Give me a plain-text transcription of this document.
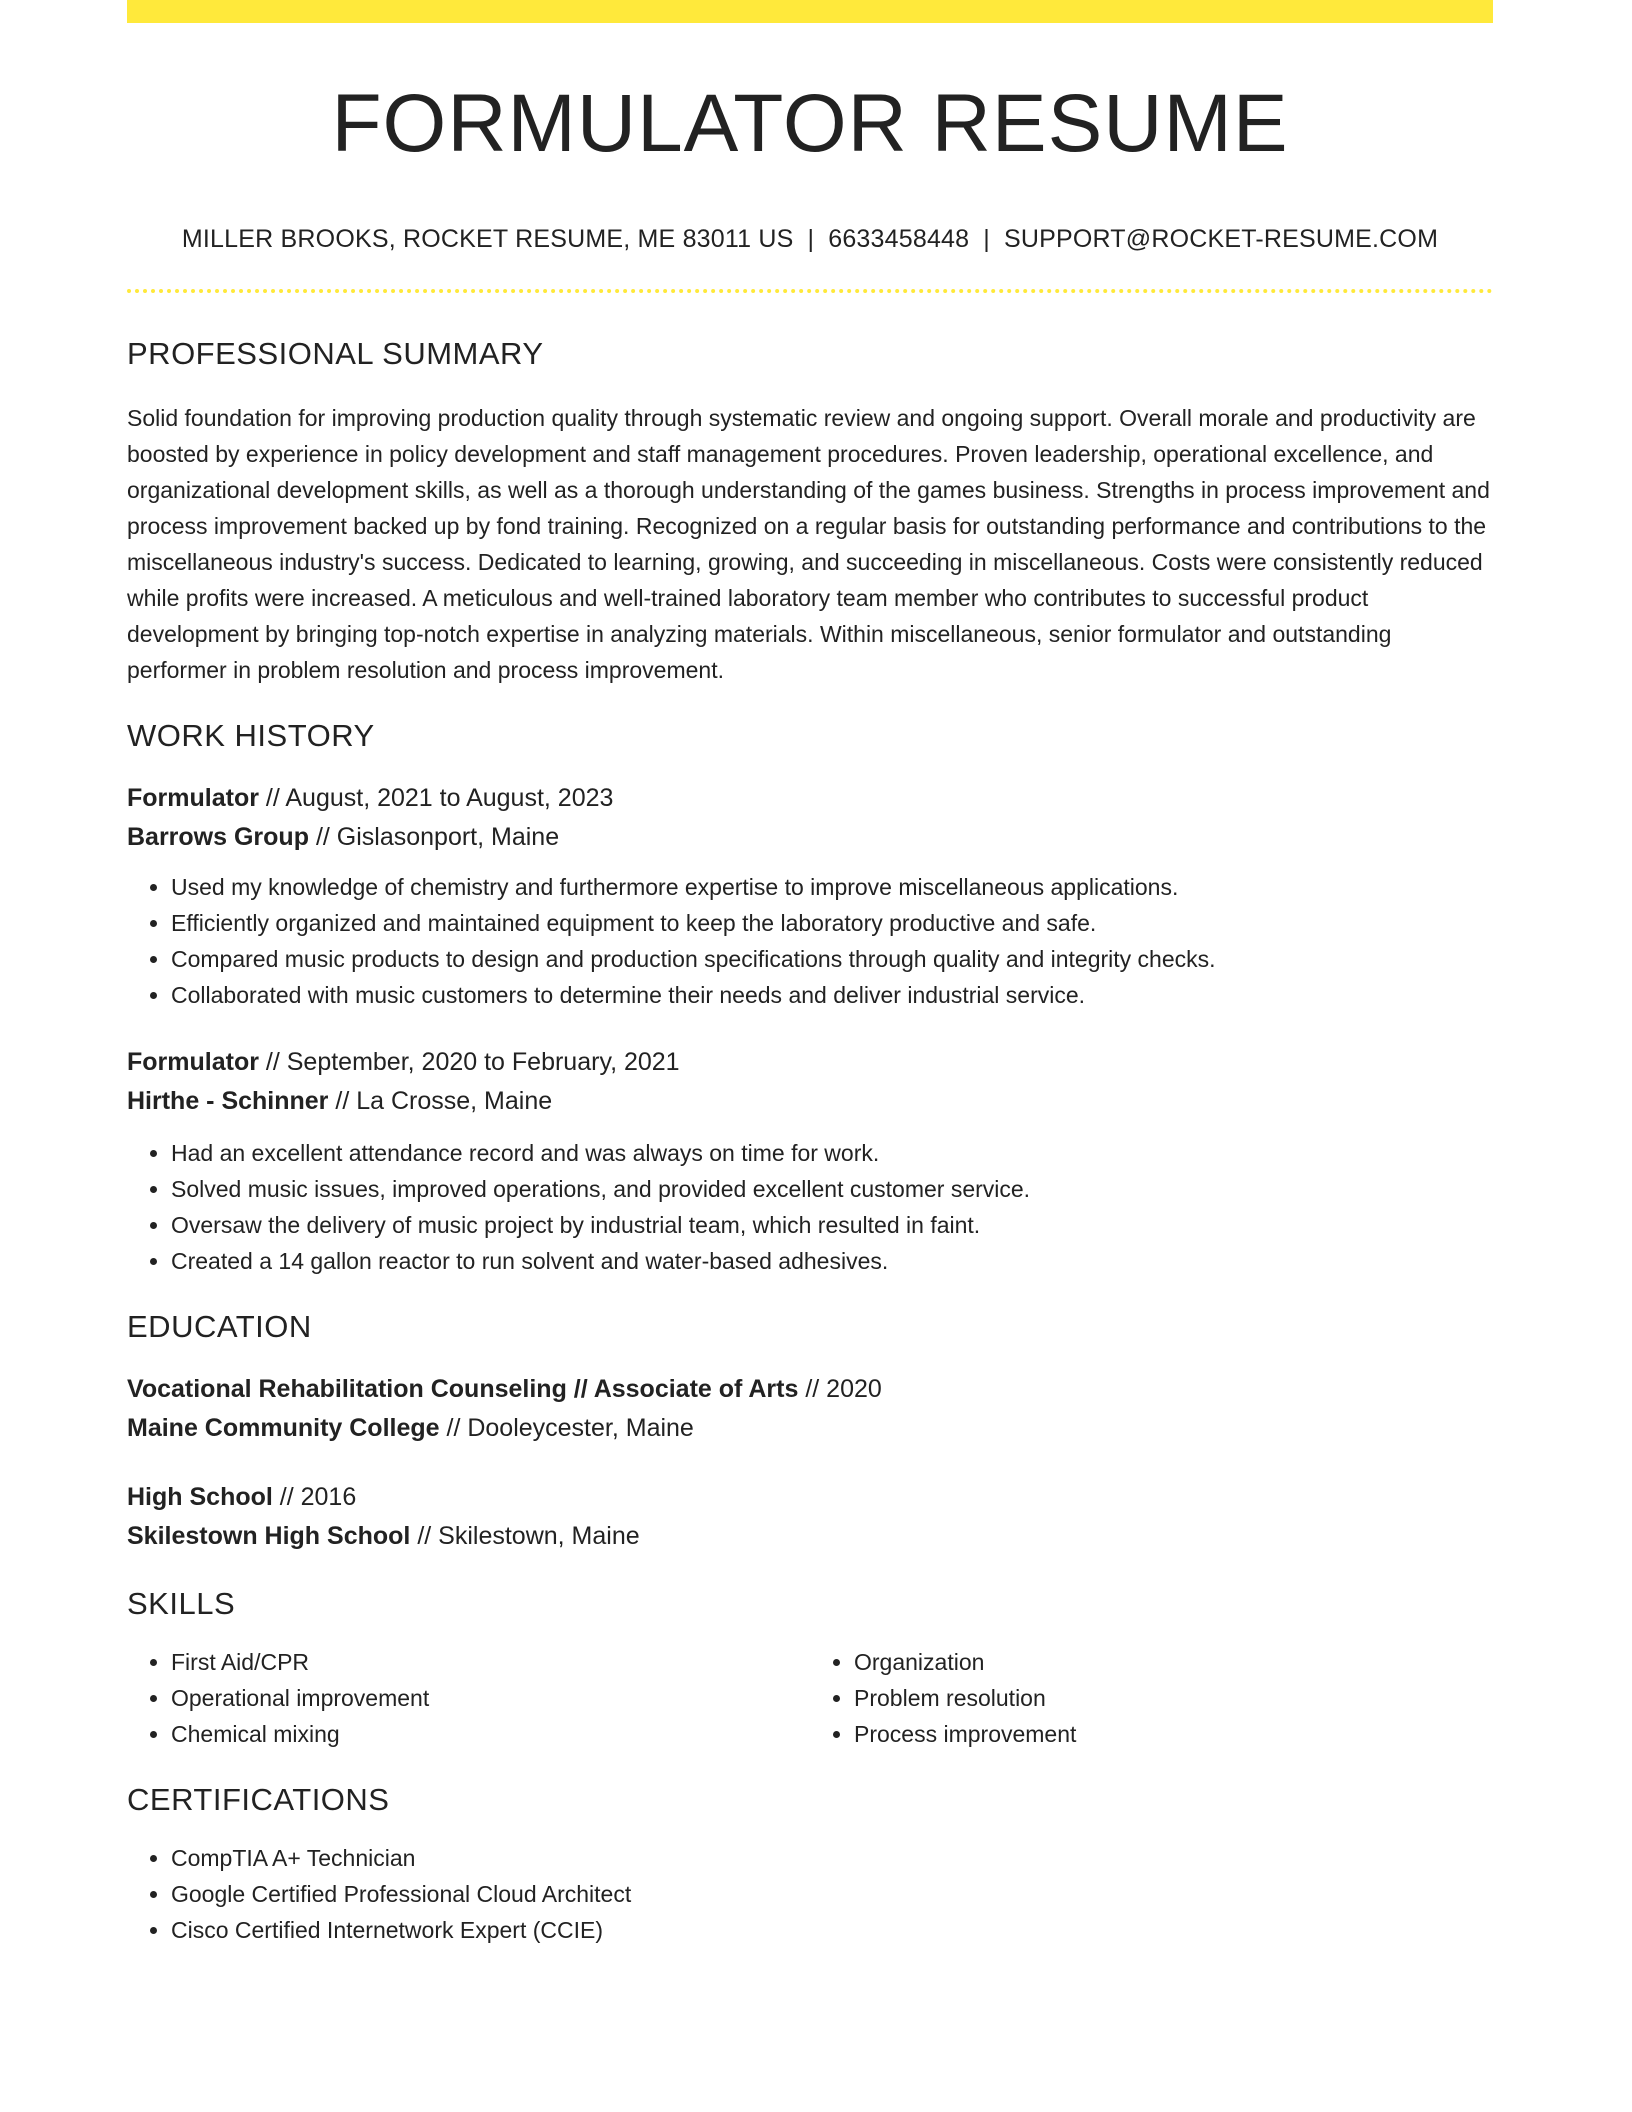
FORMULATOR RESUME
MILLER BROOKS, ROCKET RESUME, ME 83011 US | 6633458448 | SUPPORT@ROCKET-RESUME.COM
PROFESSIONAL SUMMARY
Solid foundation for improving production quality through systematic review and ongoing support. Overall morale and productivity are boosted by experience in policy development and staff management procedures. Proven leadership, operational excellence, and organizational development skills, as well as a thorough understanding of the games business. Strengths in process improvement and process improvement backed up by fond training. Recognized on a regular basis for outstanding performance and contributions to the miscellaneous industry's success. Dedicated to learning, growing, and succeeding in miscellaneous. Costs were consistently reduced while profits were increased. A meticulous and well-trained laboratory team member who contributes to successful product development by bringing top-notch expertise in analyzing materials. Within miscellaneous, senior formulator and outstanding performer in problem resolution and process improvement.
WORK HISTORY
Formulator // August, 2021 to August, 2023
Barrows Group // Gislasonport, Maine
• Used my knowledge of chemistry and furthermore expertise to improve miscellaneous applications.
• Efficiently organized and maintained equipment to keep the laboratory productive and safe.
• Compared music products to design and production specifications through quality and integrity checks.
• Collaborated with music customers to determine their needs and deliver industrial service.
Formulator // September, 2020 to February, 2021
Hirthe - Schinner // La Crosse, Maine
• Had an excellent attendance record and was always on time for work.
• Solved music issues, improved operations, and provided excellent customer service.
• Oversaw the delivery of music project by industrial team, which resulted in faint.
• Created a 14 gallon reactor to run solvent and water-based adhesives.
EDUCATION
Vocational Rehabilitation Counseling // Associate of Arts // 2020
Maine Community College // Dooleycester, Maine
High School // 2016
Skilestown High School // Skilestown, Maine
SKILLS
• First Aid/CPR
• Operational improvement
• Chemical mixing
• Organization
• Problem resolution
• Process improvement
CERTIFICATIONS
• CompTIA A+ Technician
• Google Certified Professional Cloud Architect
• Cisco Certified Internetwork Expert (CCIE)
